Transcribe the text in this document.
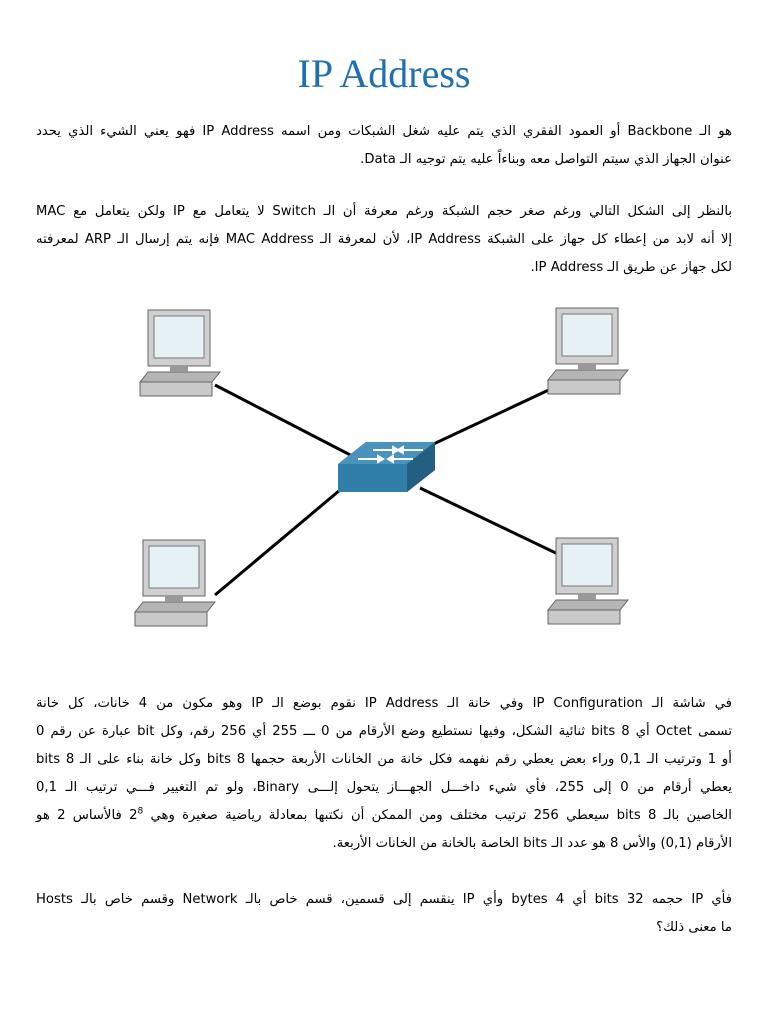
IP Address
هو الـ Backbone أو العمود الفقري الذي يتم عليه شغل الشبكات ومن اسمه IP Address فهو يعني الشيء الذي يحدد
عنوان الجهاز الذي سيتم التواصل معه وبناءاً عليه يتم توجيه الـ Data.
بالنظر إلى الشكل التالي ورغم صغر حجم الشبكة ورغم معرفة أن الـ Switch لا يتعامل مع IP ولكن يتعامل مع MAC
إلا أنه لابد من إعطاء كل جهاز على الشبكة IP Address، لأن لمعرفة الـ MAC Address فإنه يتم إرسال الـ ARP لمعرفته
لكل جهاز عن طريق الـ IP Address.
في شاشة الـ IP Configuration وفي خانة الـ IP Address نقوم بوضع الـ IP وهو مكون من 4 خانات، كل خانة
تسمى Octet أي 8 bits ثنائية الشكل، وفيها نستطيع وضع الأرقام من 0 ـــ 255 أي 256 رقم، وكل bit عبارة عن رقم 0
أو 1 وترتيب الـ 0,1 وراء بعض يعطي رقم نفهمه فكل خانة من الخانات الأربعة حجمها 8 bits وكل خانة بناء على الـ 8 bits
يعطي أرقام من 0 إلى 255، فأي شيء داخـــل الجهـــاز يتحول إلـــى Binary، ولو تم التغيير فـــي ترتيب الـ 0,1
الخاصين بالـ 8 bits سيعطي 256 ترتيب مختلف ومن الممكن أن نكتبها بمعادلة رياضية صغيرة وهي $2^8$ فالأساس 2 هو
الأرقام (0,1) والأس 8 هو عدد الـ bits الخاصة بالخانة من الخانات الأربعة.
فأي IP حجمه 32 bits أي 4 bytes وأي IP ينقسم إلى قسمين، قسم خاص بالـ Network وقسم خاص بالـ Hosts
ما معنى ذلك؟
